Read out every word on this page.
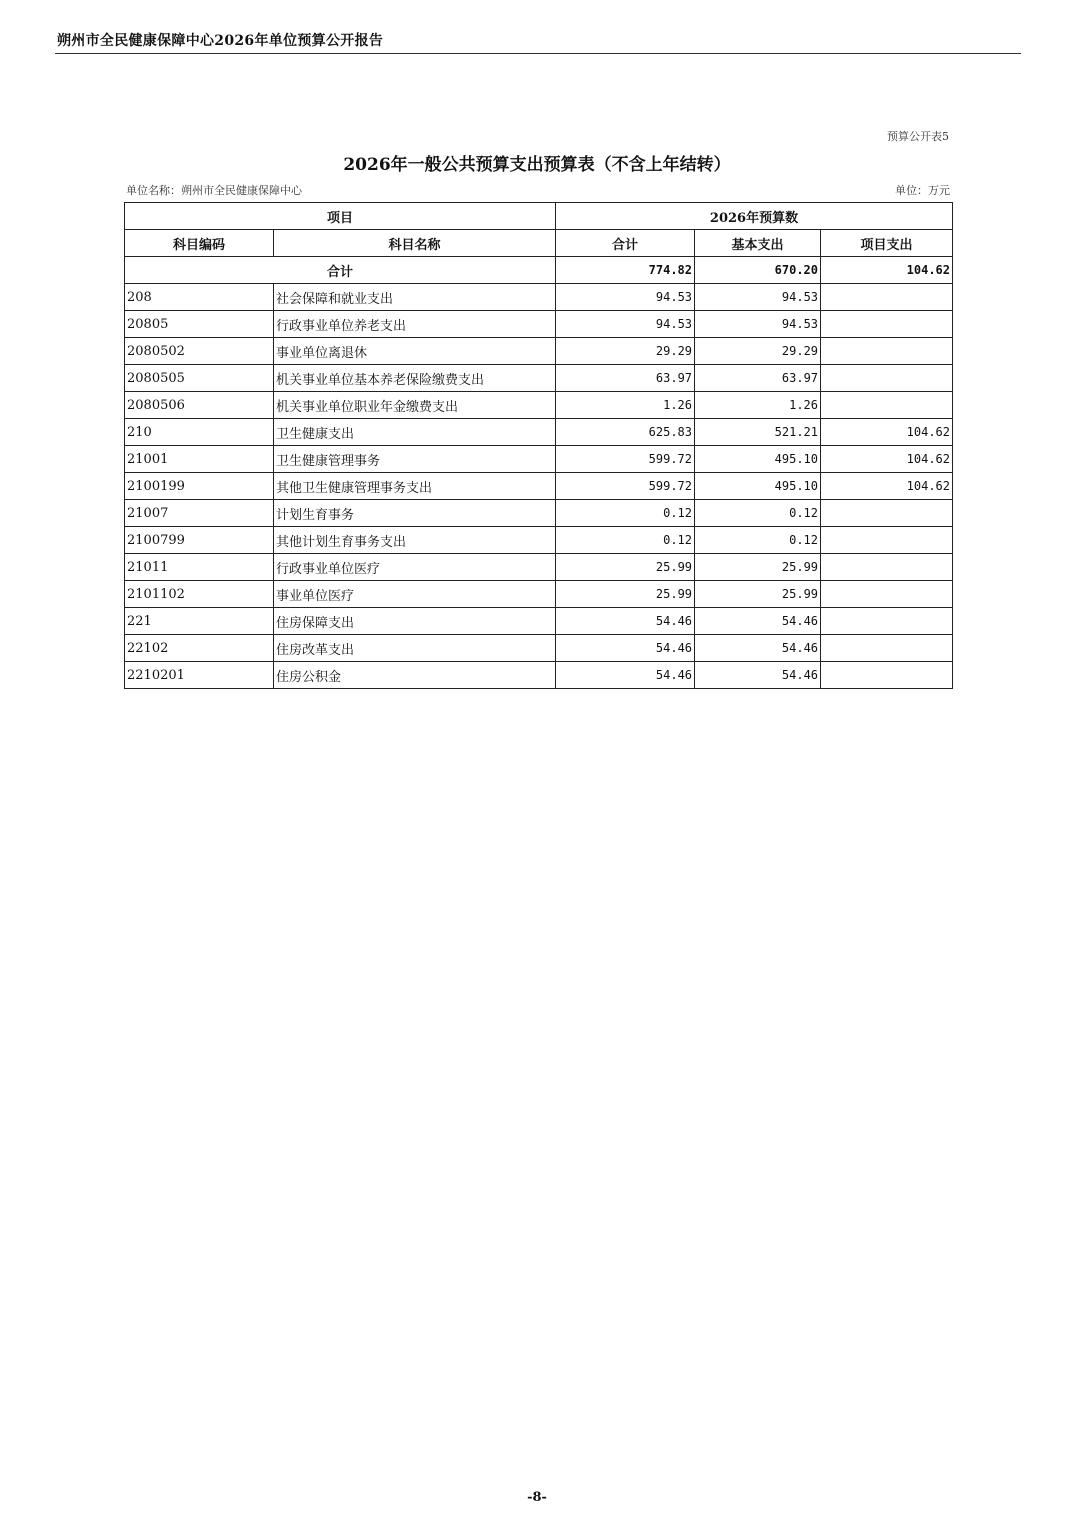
朔州市全民健康保障中心2026年单位预算公开报告
预算公开表5
2026年一般公共预算支出预算表（不含上年结转）
单位名称：朔州市全民健康保障中心	单位：万元
项目		2026年预算数		
科目编码	科目名称	合计	基本支出	项目支出
合计		774.82	670.20	104.62
208	社会保障和就业支出	94.53	94.53	
20805	行政事业单位养老支出	94.53	94.53	
2080502	事业单位离退休	29.29	29.29	
2080505	机关事业单位基本养老保险缴费支出	63.97	63.97	
2080506	机关事业单位职业年金缴费支出	1.26	1.26	
210	卫生健康支出	625.83	521.21	104.62
21001	卫生健康管理事务	599.72	495.10	104.62
2100199	其他卫生健康管理事务支出	599.72	495.10	104.62
21007	计划生育事务	0.12	0.12	
2100799	其他计划生育事务支出	0.12	0.12	
21011	行政事业单位医疗	25.99	25.99	
2101102	事业单位医疗	25.99	25.99	
221	住房保障支出	54.46	54.46	
22102	住房改革支出	54.46	54.46	
2210201	住房公积金	54.46	54.46	
-8-
